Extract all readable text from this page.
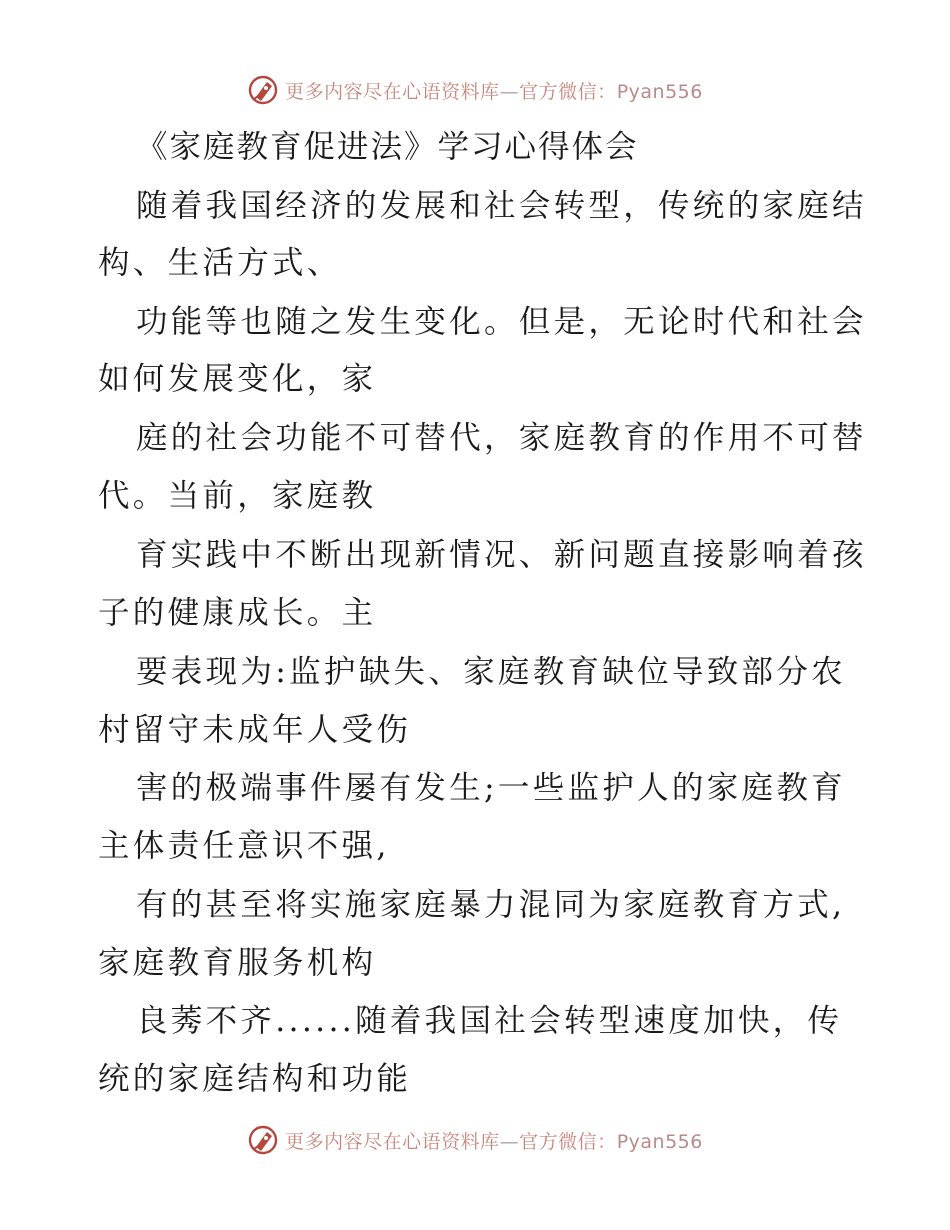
更多内容尽在心语资料库—官方微信：Pyan556
《家庭教育促进法》学习心得体会
随着我国经济的发展和社会转型，传统的家庭结
构、生活方式、
功能等也随之发生变化。但是，无论时代和社会
如何发展变化，家
庭的社会功能不可替代，家庭教育的作用不可替
代。当前，家庭教
育实践中不断出现新情况、新问题直接影响着孩
子的健康成长。主
要表现为:监护缺失、家庭教育缺位导致部分农
村留守未成年人受伤
害的极端事件屡有发生;一些监护人的家庭教育
主体责任意识不强,
有的甚至将实施家庭暴力混同为家庭教育方式,
家庭教育服务机构
良莠不齐......随着我国社会转型速度加快，传
统的家庭结构和功能
更多内容尽在心语资料库—官方微信：Pyan556
